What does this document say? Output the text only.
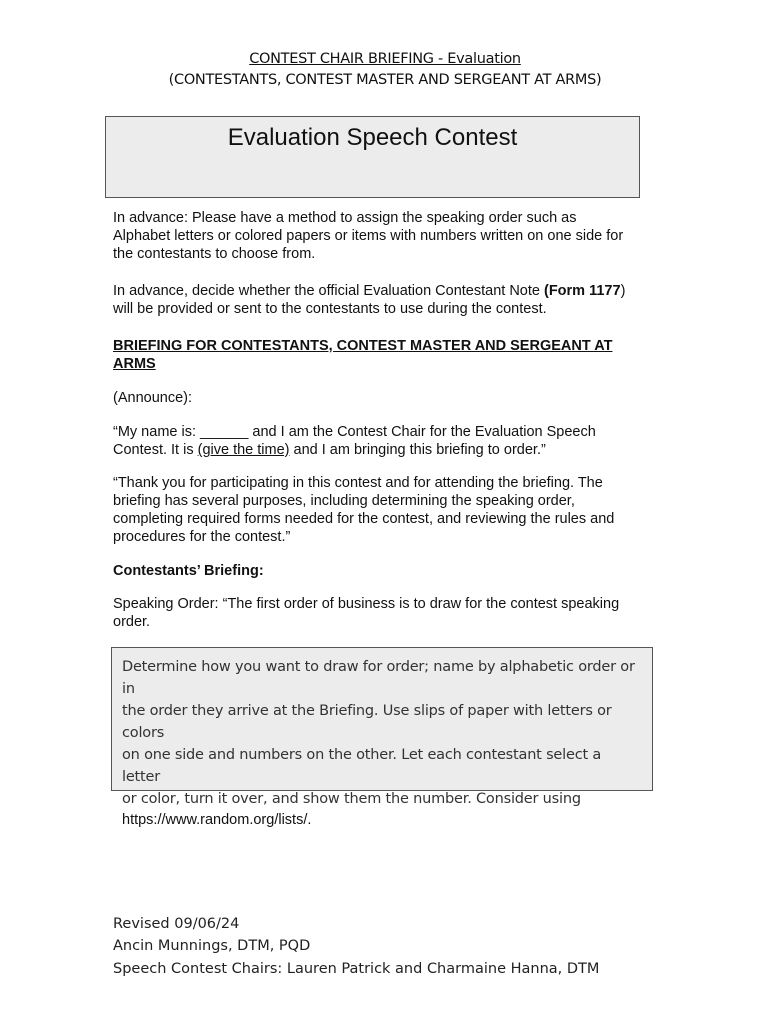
CONTEST CHAIR BRIEFING - Evaluation
(CONTESTANTS, CONTEST MASTER AND SERGEANT AT ARMS)
Evaluation Speech Contest
In advance: Please have a method to assign the speaking order such as
Alphabet letters or colored papers or items with numbers written on one side for
the contestants to choose from.
In advance, decide whether the official Evaluation Contestant Note (Form 1177)
will be provided or sent to the contestants to use during the contest.
BRIEFING FOR CONTESTANTS, CONTEST MASTER AND SERGEANT AT
ARMS
(Announce):
“My name is: ______ and I am the Contest Chair for the Evaluation Speech
Contest. It is (give the time) and I am bringing this briefing to order.”
“Thank you for participating in this contest and for attending the briefing. The
briefing has several purposes, including determining the speaking order,
completing required forms needed for the contest, and reviewing the rules and
procedures for the contest.”
Contestants’ Briefing:
Speaking Order: “The first order of business is to draw for the contest speaking
order.
Determine how you want to draw for order; name by alphabetic order or in
the order they arrive at the Briefing. Use slips of paper with letters or colors
on one side and numbers on the other. Let each contestant select a letter
or color, turn it over, and show them the number. Consider using
https://www.random.org/lists/.
Revised 09/06/24
Ancin Munnings, DTM, PQD
Speech Contest Chairs: Lauren Patrick and Charmaine Hanna, DTM
